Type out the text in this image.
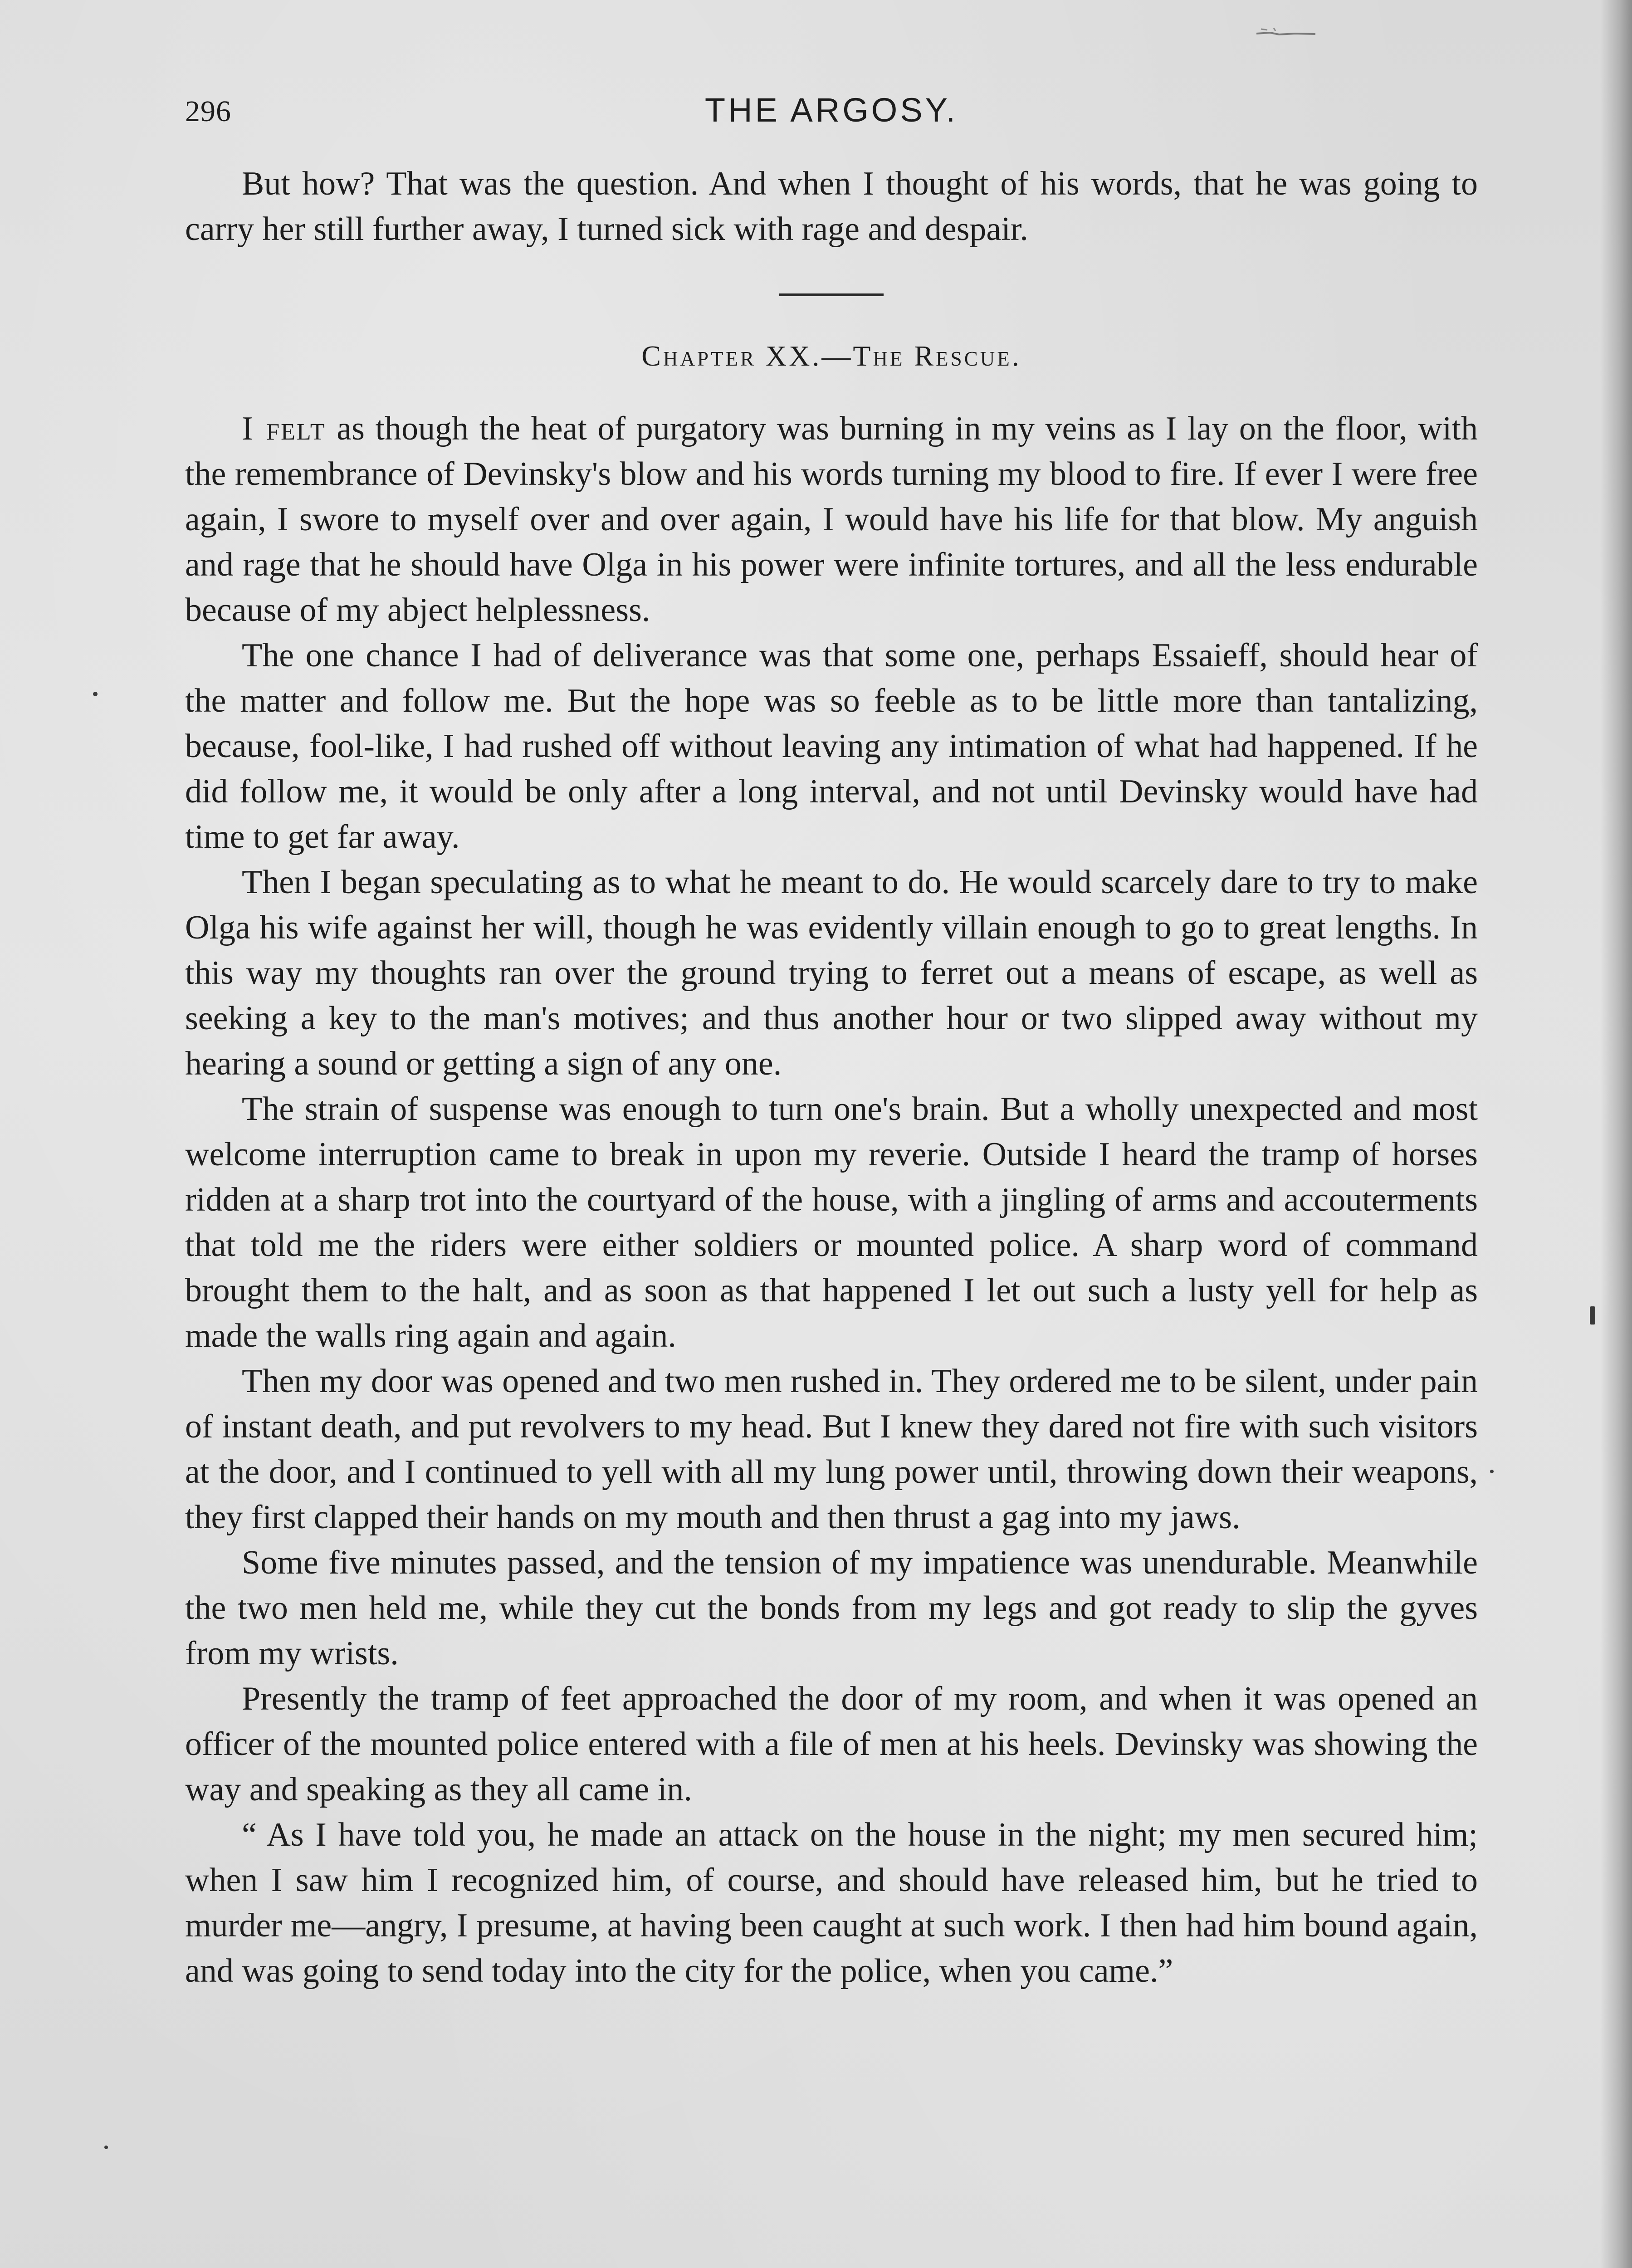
296	THE ARGOSY.

But how? That was the question. And when I thought of his words, that he was going to carry her still further away, I turned sick with rage and despair.

Chapter XX.—The Rescue.

I felt as though the heat of purgatory was burning in my veins as I lay on the floor, with the remembrance of Devinsky's blow and his words turning my blood to fire. If ever I were free again, I swore to myself over and over again, I would have his life for that blow. My anguish and rage that he should have Olga in his power were infinite tortures, and all the less endurable because of my abject helplessness.

The one chance I had of deliverance was that some one, perhaps Essaieff, should hear of the matter and follow me. But the hope was so feeble as to be little more than tantalizing, because, fool-like, I had rushed off without leaving any intimation of what had happened. If he did follow me, it would be only after a long interval, and not until Devinsky would have had time to get far away.

Then I began speculating as to what he meant to do. He would scarcely dare to try to make Olga his wife against her will, though he was evidently villain enough to go to great lengths. In this way my thoughts ran over the ground trying to ferret out a means of escape, as well as seeking a key to the man's motives; and thus another hour or two slipped away without my hearing a sound or getting a sign of any one.

The strain of suspense was enough to turn one's brain. But a wholly unexpected and most welcome interruption came to break in upon my reverie. Outside I heard the tramp of horses ridden at a sharp trot into the courtyard of the house, with a jingling of arms and accouterments that told me the riders were either soldiers or mounted police. A sharp word of command brought them to the halt, and as soon as that happened I let out such a lusty yell for help as made the walls ring again and again.

Then my door was opened and two men rushed in. They ordered me to be silent, under pain of instant death, and put revolvers to my head. But I knew they dared not fire with such visitors at the door, and I continued to yell with all my lung power until, throwing down their weapons, they first clapped their hands on my mouth and then thrust a gag into my jaws.

Some five minutes passed, and the tension of my impatience was unendurable. Meanwhile the two men held me, while they cut the bonds from my legs and got ready to slip the gyves from my wrists.

Presently the tramp of feet approached the door of my room, and when it was opened an officer of the mounted police entered with a file of men at his heels. Devinsky was showing the way and speaking as they all came in.

“ As I have told you, he made an attack on the house in the night; my men secured him; when I saw him I recognized him, of course, and should have released him, but he tried to murder me—angry, I presume, at having been caught at such work. I then had him bound again, and was going to send today into the city for the police, when you came.”
